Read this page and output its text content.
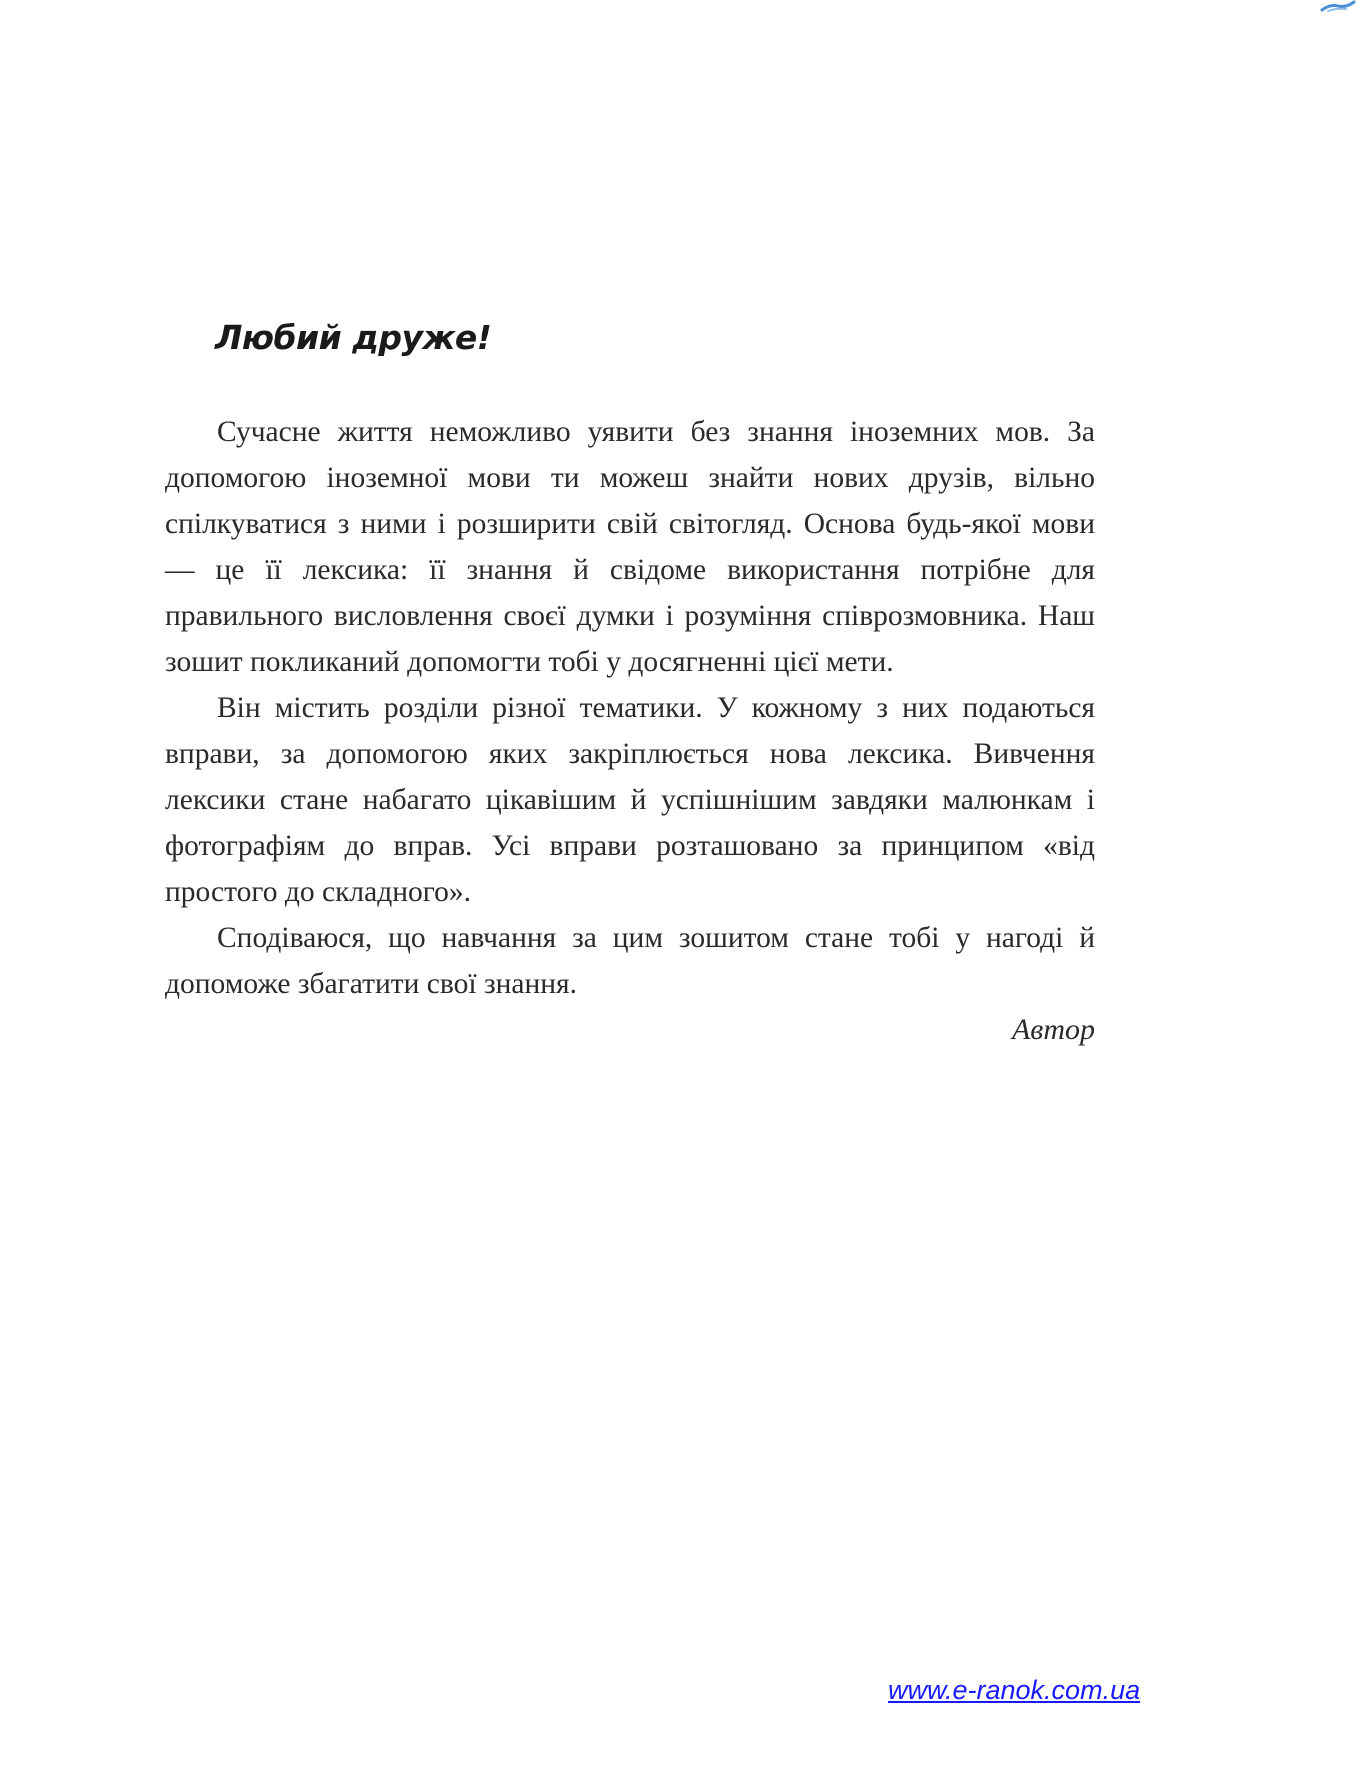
Любий друже!

Сучасне життя неможливо уявити без знання іноземних мов. За допомогою іноземної мови ти можеш знайти нових друзів, вільно спілкуватися з ними і розширити свій світогляд. Основа будь-якої мови — це її лексика: її знання й свідоме використання потрібне для правильного висловлення своєї думки і розуміння співрозмовника. Наш зошит покликаний допомогти тобі у досягненні цієї мети.

Він містить розділи різної тематики. У кожному з них подаються вправи, за допомогою яких закріплюється нова лексика. Вивчення лексики стане набагато цікавішим й успішнішим завдяки малюнкам і фотографіям до вправ. Усі вправи розташовано за принципом «від простого до складного».

Сподіваюся, що навчання за цим зошитом стане тобі у нагоді й допоможе збагатити свої знання.

Автор

www.e-ranok.com.ua
